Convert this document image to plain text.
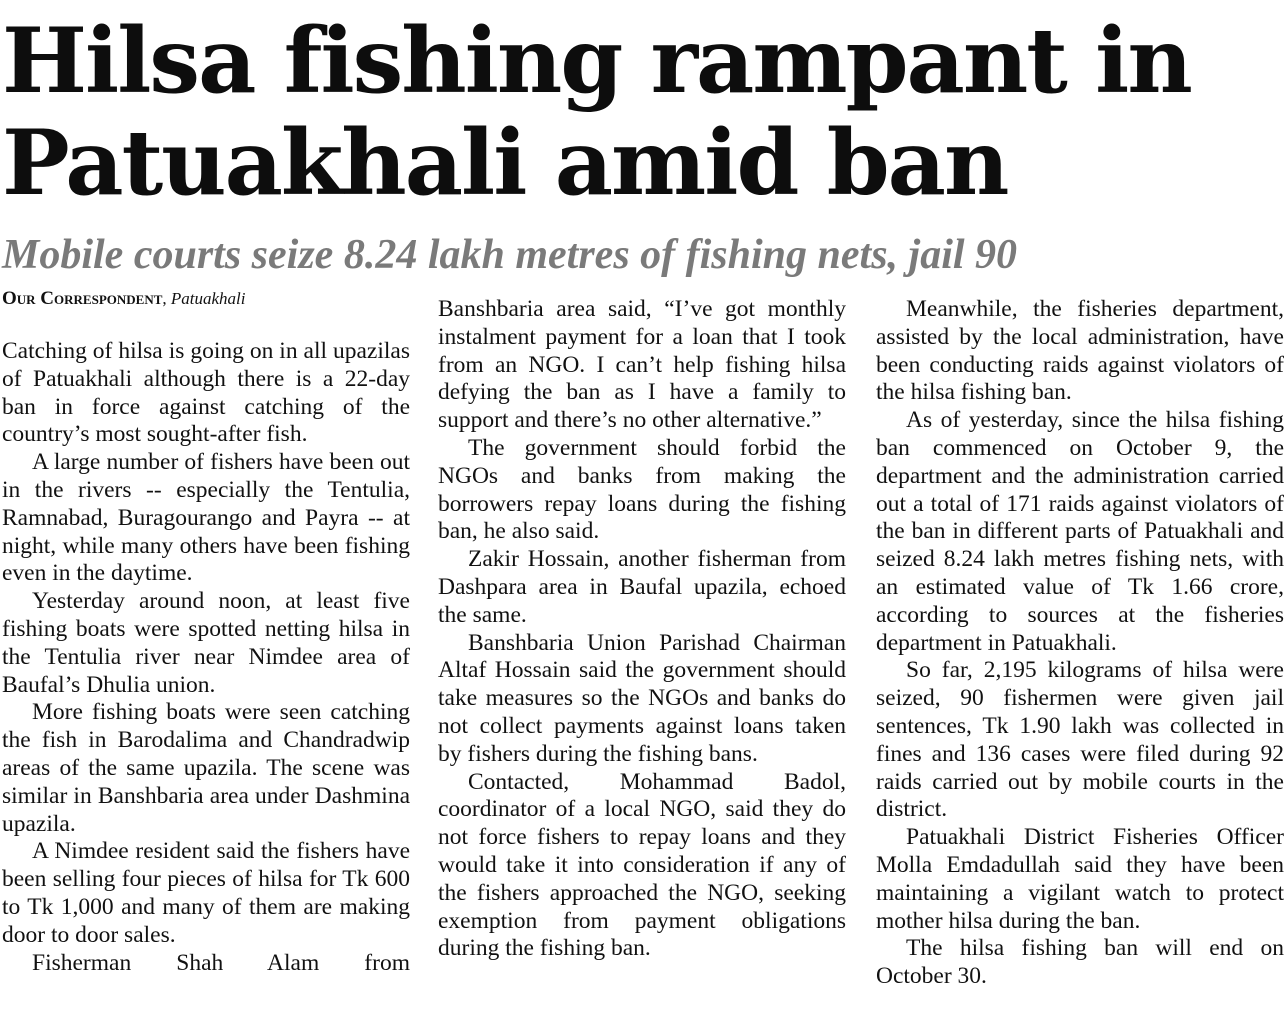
Hilsa fishing rampant in Patuakhali amid ban
Mobile courts seize 8.24 lakh metres of fishing nets, jail 90
Our Correspondent, Patuakhali

Catching of hilsa is going on in all upazilas of Patuakhali although there is a 22-day ban in force against catching of the country’s most sought-after fish.

A large number of fishers have been out in the rivers -- especially the Tentulia, Ramnabad, Buragourango and Payra -- at night, while many others have been fishing even in the daytime.

Yesterday around noon, at least five fishing boats were spotted netting hilsa in the Tentulia river near Nimdee area of Baufal’s Dhulia union.

More fishing boats were seen catching the fish in Barodalima and Chandradwip areas of the same upazila. The scene was similar in Banshbaria area under Dashmina upazila.

A Nimdee resident said the fishers have been selling four pieces of hilsa for Tk 600 to Tk 1,000 and many of them are making door to door sales.

Fisherman Shah Alam from

Banshbaria area said, “I’ve got monthly instalment payment for a loan that I took from an NGO. I can’t help fishing hilsa defying the ban as I have a family to support and there’s no other alternative.”

The government should forbid the NGOs and banks from making the borrowers repay loans during the fishing ban, he also said.

Zakir Hossain, another fisherman from Dashpara area in Baufal upazila, echoed the same.

Banshbaria Union Parishad Chairman Altaf Hossain said the government should take measures so the NGOs and banks do not collect payments against loans taken by fishers during the fishing bans.

Contacted, Mohammad Badol, coordinator of a local NGO, said they do not force fishers to repay loans and they would take it into consideration if any of the fishers approached the NGO, seeking exemption from payment obligations during the fishing ban.

Meanwhile, the fisheries department, assisted by the local administration, have been conducting raids against violators of the hilsa fishing ban.

As of yesterday, since the hilsa fishing ban commenced on October 9, the department and the administration carried out a total of 171 raids against violators of the ban in different parts of Patuakhali and seized 8.24 lakh metres fishing nets, with an estimated value of Tk 1.66 crore, according to sources at the fisheries department in Patuakhali.

So far, 2,195 kilograms of hilsa were seized, 90 fishermen were given jail sentences, Tk 1.90 lakh was collected in fines and 136 cases were filed during 92 raids carried out by mobile courts in the district.

Patuakhali District Fisheries Officer Molla Emdadullah said they have been maintaining a vigilant watch to protect mother hilsa during the ban.

The hilsa fishing ban will end on October 30.
